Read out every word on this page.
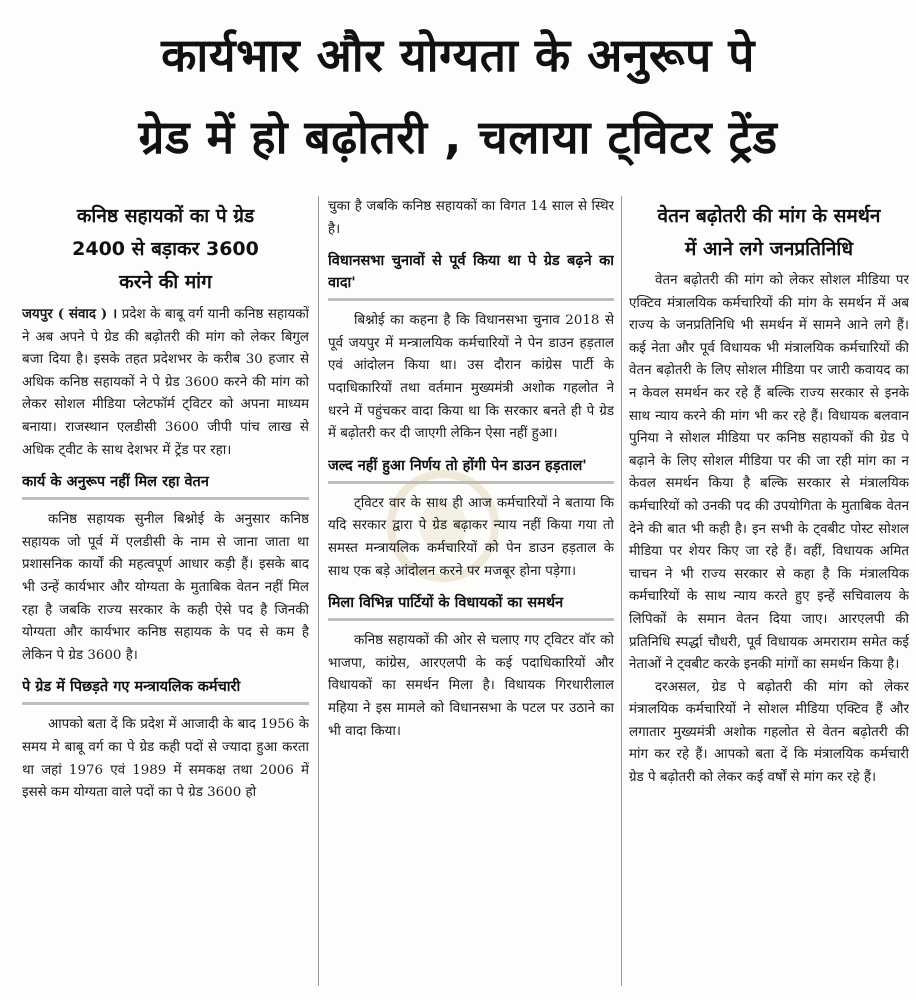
कार्यभार और योग्यता के अनुरूप पे
ग्रेड में हो बढ़ोतरी , चलाया ट्विटर ट्रेंड
कनिष्ठ सहायकों का पे ग्रेड
2400 से बड़ाकर 3600
करने की मांग

जयपुर ( संवाद ) । प्रदेश के बाबू वर्ग यानी कनिष्ठ सहायकों ने अब अपने पे ग्रेड की बढ़ोतरी की मांग को लेकर बिगुल बजा दिया है। इसके तहत प्रदेशभर के करीब 30 हजार से अधिक कनिष्ठ सहायकों ने पे ग्रेड 3600 करने की मांग को लेकर सोशल मीडिया प्लेटफॉर्म ट्विटर को अपना माध्यम बनाया। राजस्थान एलडीसी 3600 जीपी पांच लाख से अधिक ट्वीट के साथ देशभर में ट्रेंड पर रहा।

कार्य के अनुरूप नहीं मिल रहा वेतन

कनिष्ठ सहायक सुनील बिश्नोई के अनुसार कनिष्ठ सहायक जो पूर्व में एलडीसी के नाम से जाना जाता था प्रशासनिक कार्यों की महत्वपूर्ण आधार कड़ी हैं। इसके बाद भी उन्हें कार्यभार और योग्यता के मुताबिक वेतन नहीं मिल रहा है जबकि राज्य सरकार के कही ऐसे पद है जिनकी योग्यता और कार्यभार कनिष्ठ सहायक के पद से कम है लेकिन पे ग्रेड 3600 है।

पे ग्रेड में पिछड़ते गए मन्त्रायलिक कर्मचारी

आपको बता दें कि प्रदेश में आजादी के बाद 1956 के समय मे बाबू वर्ग का पे ग्रेड कही पदों से ज्यादा हुआ करता था जहां 1976 एवं 1989 में समकक्ष तथा 2006 में इससे कम योग्यता वाले पदों का पे ग्रेड 3600 हो

चुका है जबकि कनिष्ठ सहायकों का विगत 14 साल से स्थिर है।

विधानसभा चुनावों से पूर्व किया था पे ग्रेड बढ़ने का वादा'

बिश्नोई का कहना है कि विधानसभा चुनाव 2018 से पूर्व जयपुर में मन्त्रालयिक कर्मचारियों ने पेन डाउन हड़ताल एवं आंदोलन किया था। उस दौरान कांग्रेस पार्टी के पदाधिकारियों तथा वर्तमान मुख्यमंत्री अशोक गहलोत ने धरने में पहुंचकर वादा किया था कि सरकार बनते ही पे ग्रेड में बढ़ोतरी कर दी जाएगी लेकिन ऐसा नहीं हुआ।

जल्द नहीं हुआ निर्णय तो होंगी पेन डाउन हड़ताल'

ट्विटर वार के साथ ही आज कर्मचारियों ने बताया कि यदि सरकार द्वारा पे ग्रेड बढ़ाकर न्याय नहीं किया गया तो समस्त मन्त्रायलिक कर्मचारियों को पेन डाउन हड़ताल के साथ एक बड़े आंदोलन करने पर मजबूर होना पड़ेगा।

मिला विभिन्न पार्टियों के विधायकों का समर्थन

कनिष्ठ सहायकों की ओर से चलाए गए ट्विटर वॉर को भाजपा, कांग्रेस, आरएलपी के कई पदाधिकारियों और विधायकों का समर्थन मिला है। विधायक गिरधारीलाल महिया ने इस मामले को विधानसभा के पटल पर उठाने का भी वादा किया।

वेतन बढ़ोतरी की मांग के समर्थन
में आने लगे जनप्रतिनिधि

वेतन बढ़ोतरी की मांग को लेकर सोशल मीडिया पर एक्टिव मंत्रालयिक कर्मचारियों की मांग के समर्थन में अब राज्य के जनप्रतिनिधि भी समर्थन में सामने आने लगे हैं। कई नेता और पूर्व विधायक भी मंत्रालयिक कर्मचारियों की वेतन बढ़ोतरी के लिए सोशल मीडिया पर जारी कवायद का न केवल समर्थन कर रहे हैं बल्कि राज्य सरकार से इनके साथ न्याय करने की मांग भी कर रहे हैं। विधायक बलवान पुनिया ने सोशल मीडिया पर कनिष्ठ सहायकों की ग्रेड पे बढ़ाने के लिए सोशल मीडिया पर की जा रही मांग का न केवल समर्थन किया है बल्कि सरकार से मंत्रालयिक कर्मचारियों को उनकी पद की उपयोगिता के मुताबिक वेतन देने की बात भी कही है। इन सभी के ट्वबीट पोस्ट सोशल मीडिया पर शेयर किए जा रहे हैं। वहीं, विधायक अमित चाचन ने भी राज्य सरकार से कहा है कि मंत्रालयिक कर्मचारियों के साथ न्याय करते हुए इन्हें सचिवालय के लिपिकों के समान वेतन दिया जाए। आरएलपी की प्रतिनिधि स्पर्द्धा चौधरी, पूर्व विधायक अमराराम समेत कई नेताओं ने ट्वबीट करके इनकी मांगों का समर्थन किया है।

दरअसल, ग्रेड पे बढ़ोतरी की मांग को लेकर मंत्रालयिक कर्मचारियों ने सोशल मीडिया एक्टिव हैं और लगातार मुख्यमंत्री अशोक गहलोत से वेतन बढ़ोतरी की मांग कर रहे हैं। आपको बता दें कि मंत्रालयिक कर्मचारी ग्रेड पे बढ़ोतरी को लेकर कई वर्षों से मांग कर रहे हैं।
